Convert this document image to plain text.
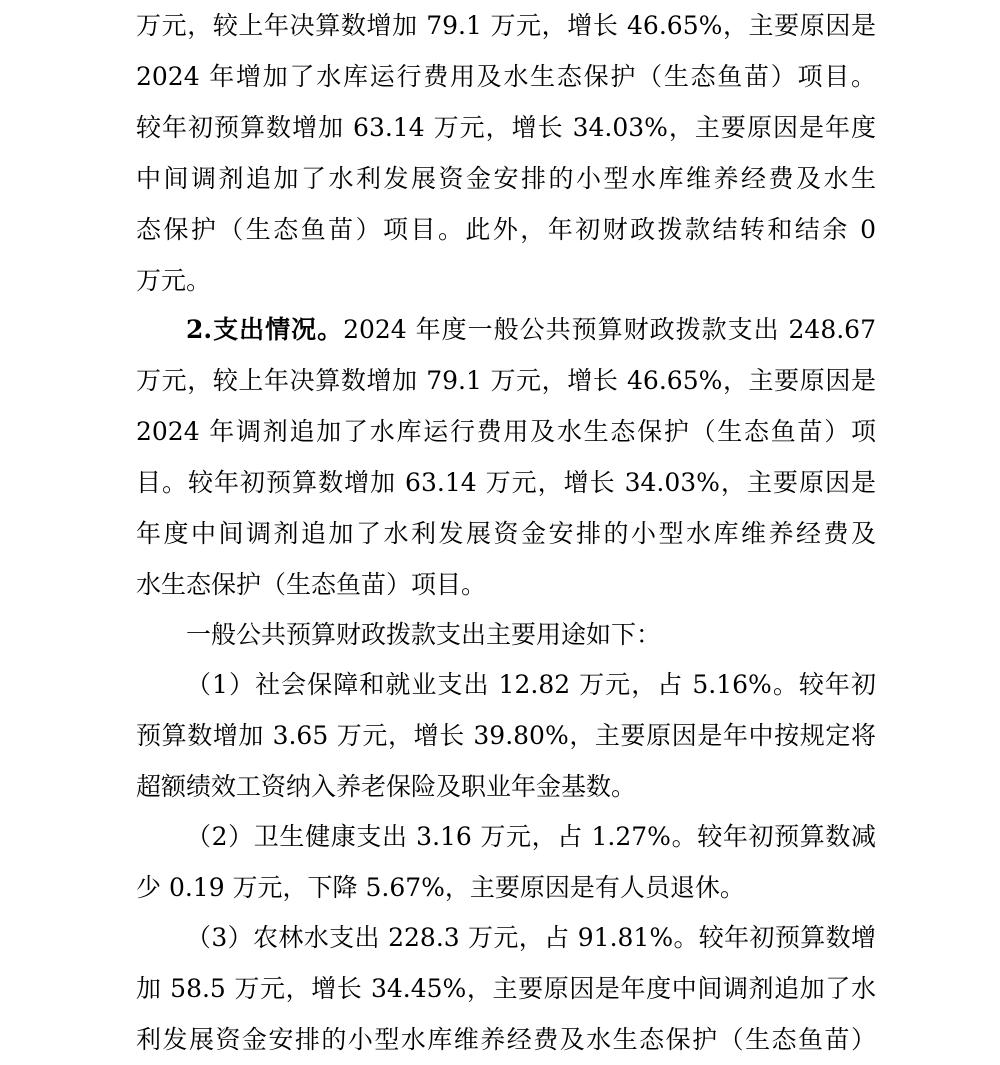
万元，较上年决算数增加 79.1 万元，增长 46.65%，主要原因是
2024 年增加了水库运行费用及水生态保护（生态鱼苗）项目。
较年初预算数增加 63.14 万元，增长 34.03%，主要原因是年度
中间调剂追加了水利发展资金安排的小型水库维养经费及水生
态保护（生态鱼苗）项目。此外，年初财政拨款结转和结余 0
万元。
2.支出情况。2024 年度一般公共预算财政拨款支出 248.67
万元，较上年决算数增加 79.1 万元，增长 46.65%，主要原因是
2024 年调剂追加了水库运行费用及水生态保护（生态鱼苗）项
目。较年初预算数增加 63.14 万元，增长 34.03%，主要原因是
年度中间调剂追加了水利发展资金安排的小型水库维养经费及
水生态保护（生态鱼苗）项目。
一般公共预算财政拨款支出主要用途如下：
（1）社会保障和就业支出 12.82 万元，占 5.16%。较年初
预算数增加 3.65 万元，增长 39.80%，主要原因是年中按规定将
超额绩效工资纳入养老保险及职业年金基数。
（2）卫生健康支出 3.16 万元，占 1.27%。较年初预算数减
少 0.19 万元，下降 5.67%，主要原因是有人员退休。
（3）农林水支出 228.3 万元，占 91.81%。较年初预算数增
加 58.5 万元，增长 34.45%，主要原因是年度中间调剂追加了水
利发展资金安排的小型水库维养经费及水生态保护（生态鱼苗）
